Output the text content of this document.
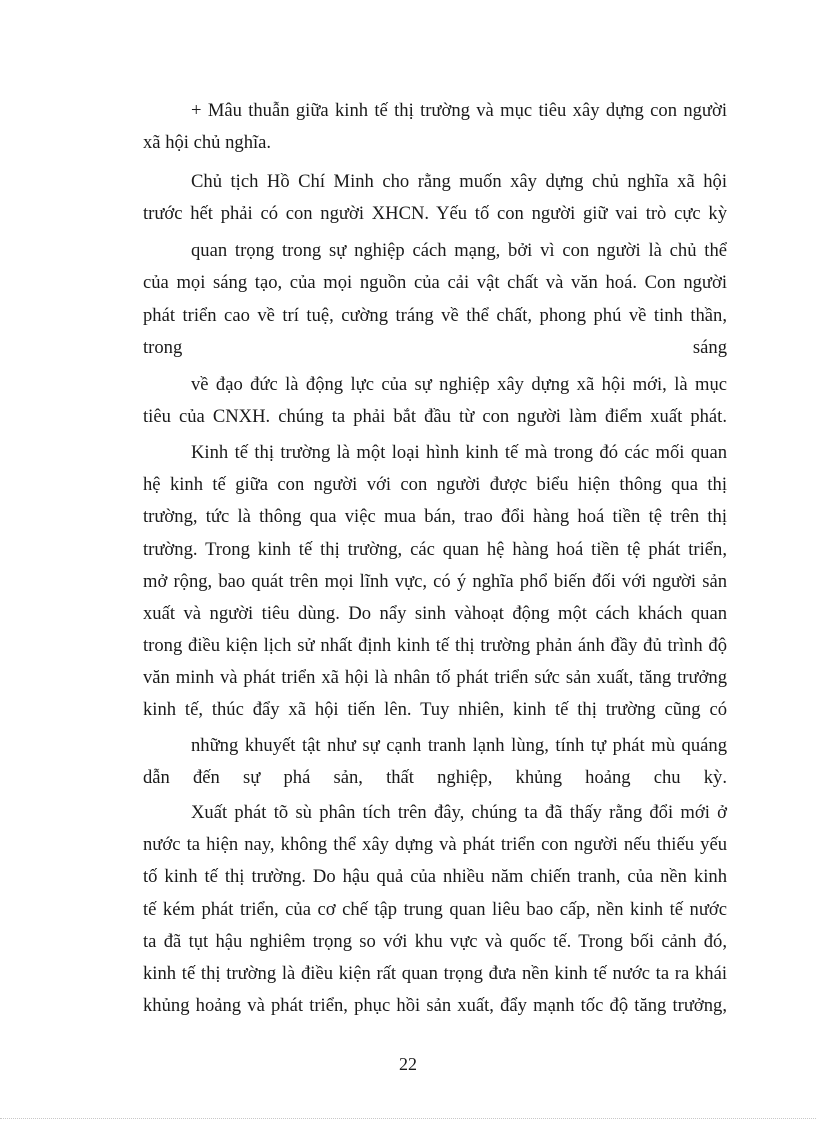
+ Mâu thuẫn giữa kinh tế thị trường và mục tiêu xây dựng con người

xã hội chủ nghĩa.

Chủ tịch Hồ Chí Minh cho rằng muốn xây dựng chủ nghĩa xã hội

trước hết phải có con người XHCN. Yếu tố con người giữ vai trò cực kỳ

quan trọng trong sự nghiệp cách mạng, bởi vì con người là chủ thể

của mọi sáng tạo, của mọi nguồn của cải vật chất và văn hoá. Con người

phát triển cao về trí tuệ, cường tráng về thể chất, phong phú về tinh thần,

trong	sáng

về đạo đức là động lực của sự nghiệp xây dựng xã hội mới, là mục

tiêu của CNXH. chúng ta phải bắt đầu từ con người làm điểm xuất phát.

Kinh tế thị trường là một loại hình kinh tế mà trong đó các mối quan

hệ kinh tế giữa con người với con người được biểu hiện thông qua thị

trường, tức là thông qua việc mua bán, trao đổi hàng hoá tiền tệ trên thị

trường. Trong kinh tế thị trường, các quan hệ hàng hoá tiền tệ phát triển,

mở rộng, bao quát trên mọi lĩnh vực, có ý nghĩa phổ biến đối với người sản

xuất và người tiêu dùng. Do nẩy sinh vàhoạt động một cách khách quan

trong điều kiện lịch sử nhất định kinh tế thị trường phản ánh đầy đủ trình độ

văn minh và phát triển xã hội là nhân tố phát triển sức sản xuất, tăng trưởng

kinh tế, thúc đẩy xã hội tiến lên. Tuy nhiên, kinh tế thị trường cũng có

những khuyết tật như sự cạnh tranh lạnh lùng, tính tự phát mù quáng

dẫn đến sự phá sản, thất nghiệp, khủng hoảng chu kỳ.

Xuất phát tõ sù phân tích trên đây, chúng ta đã thấy rằng đổi mới ở

nước ta hiện nay, không thể xây dựng và phát triển con người nếu thiếu yếu

tố kinh tế thị trường. Do hậu quả của nhiều năm chiến tranh, của nền kinh

tế kém phát triển, của cơ chế tập trung quan liêu bao cấp, nền kinh tế nước

ta đã tụt hậu nghiêm trọng so với khu vực và quốc tế. Trong bối cảnh đó,

kinh tế thị trường là điều kiện rất quan trọng đưa nền kinh tế nước ta ra khái

khủng hoảng và phát triển, phục hồi sản xuất, đẩy mạnh tốc độ tăng trưởng,

22
